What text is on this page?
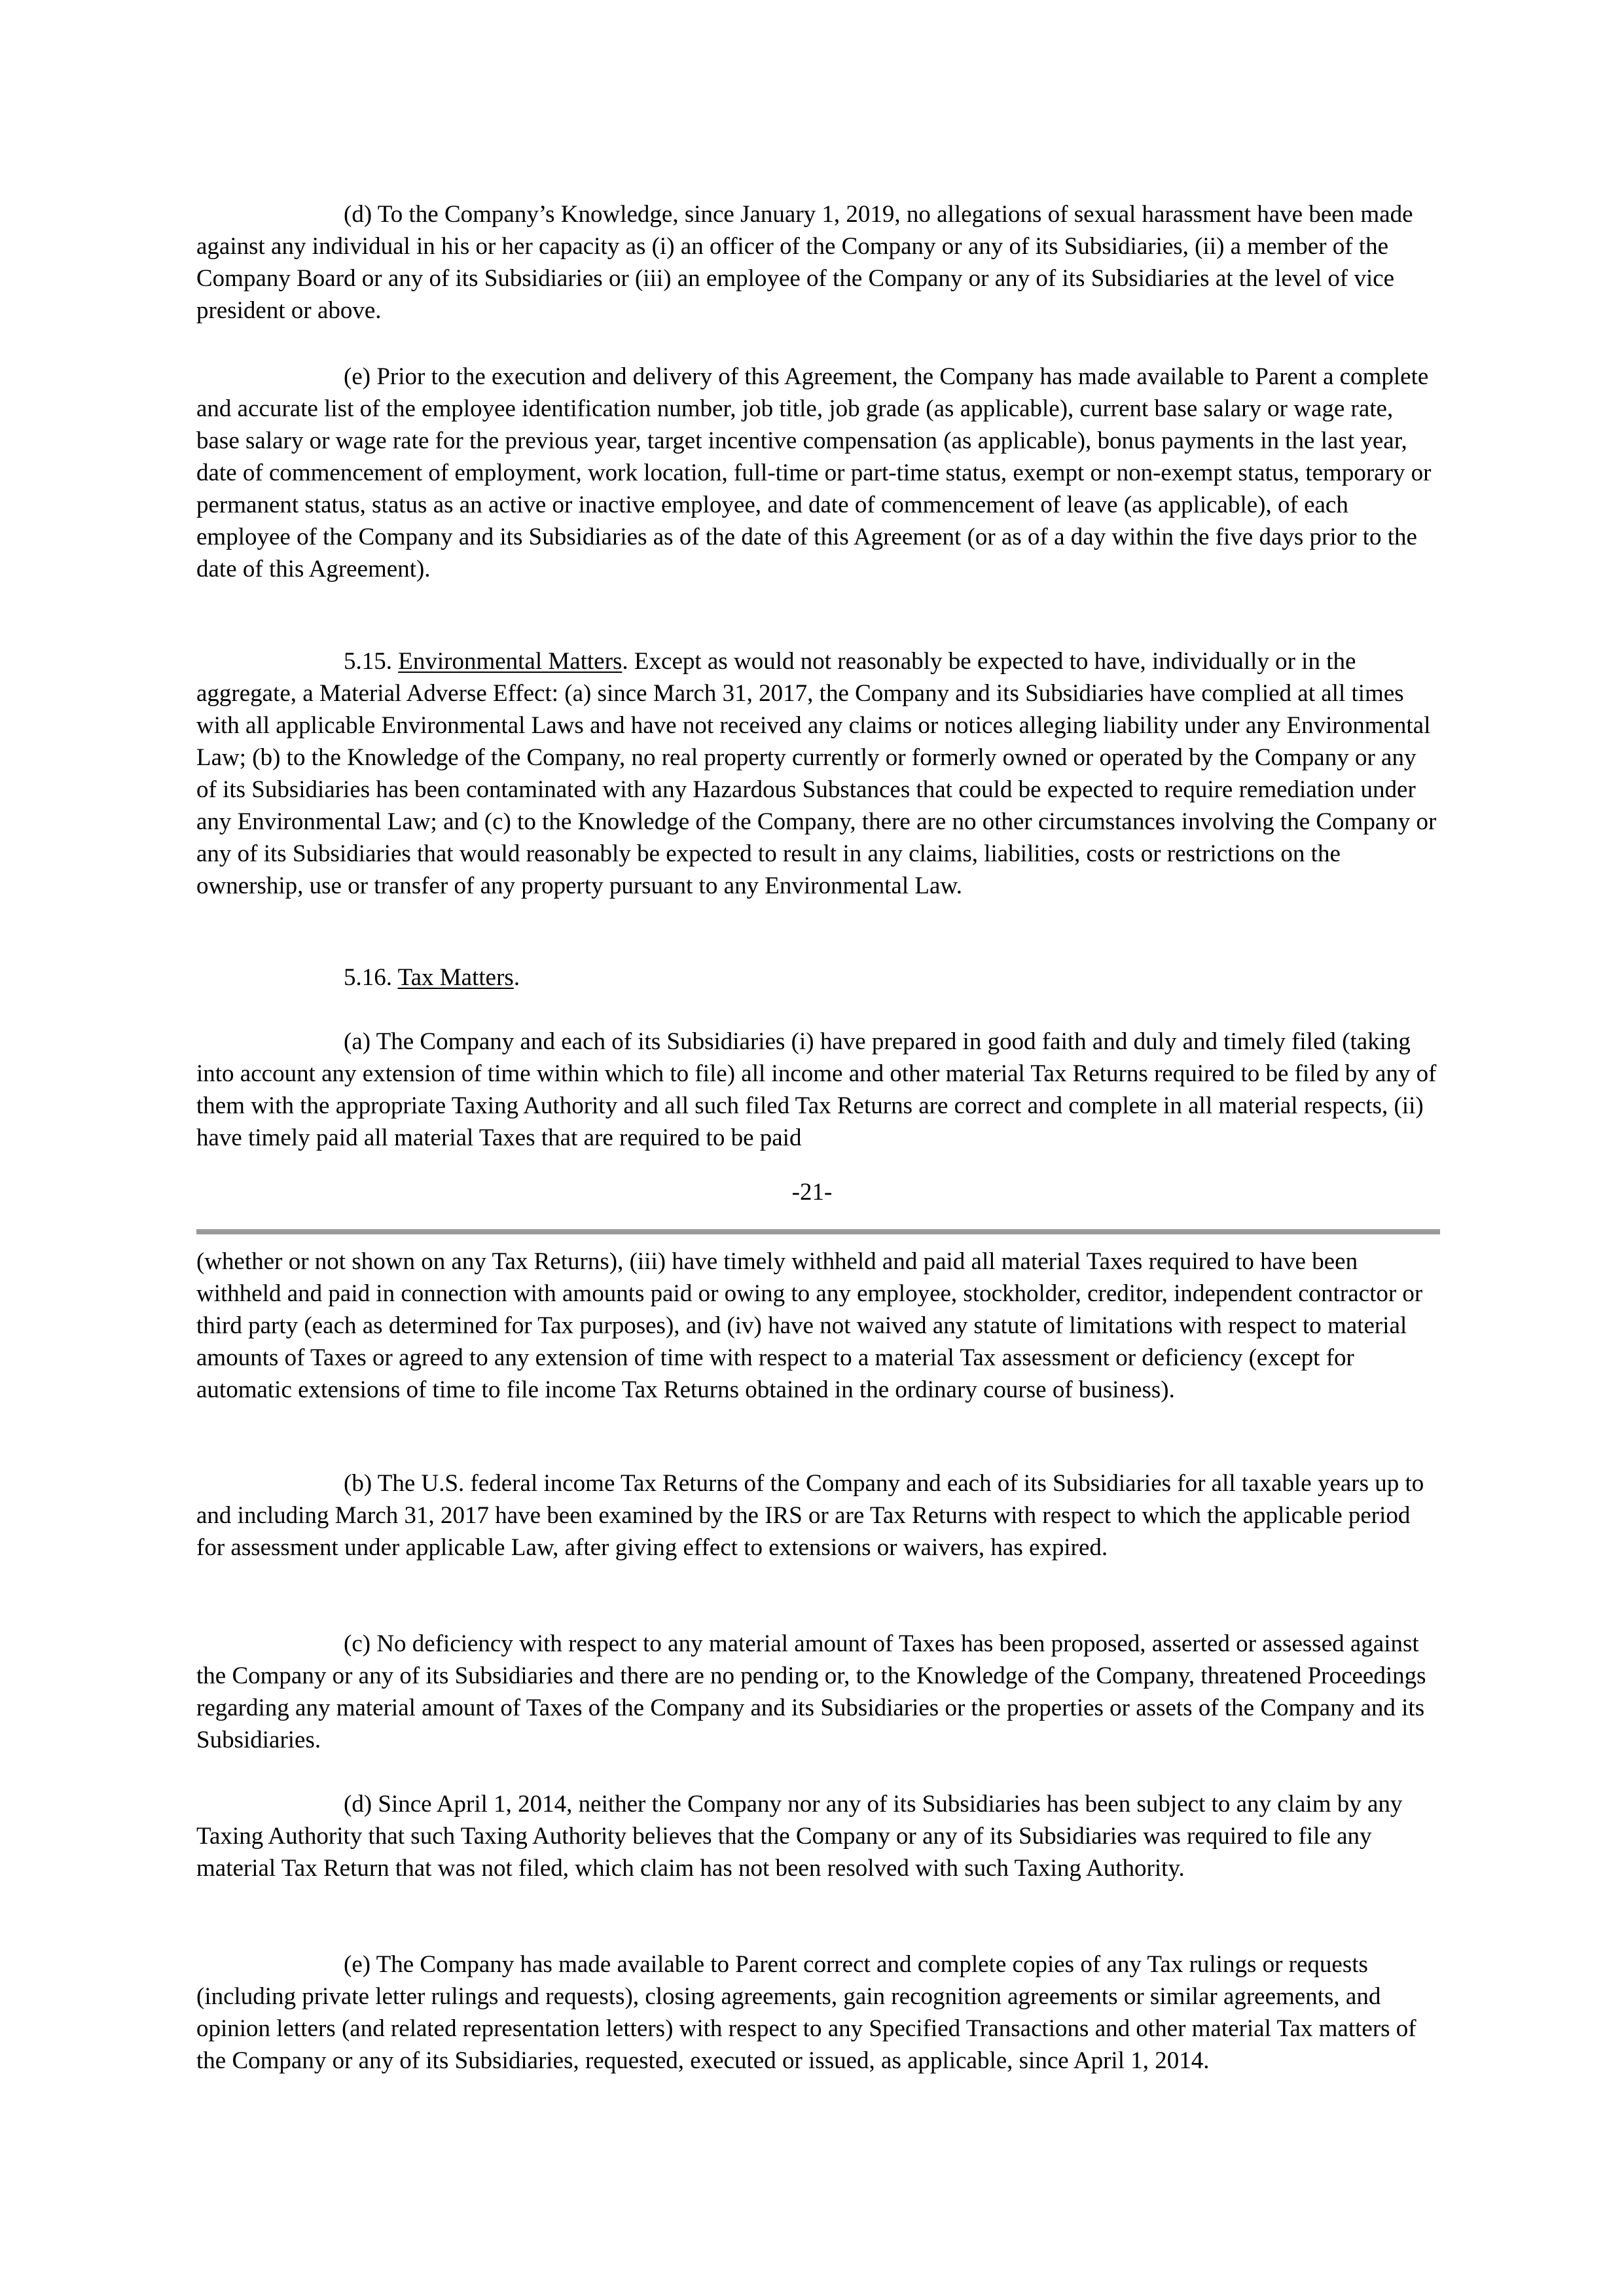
(d) To the Company’s Knowledge, since January 1, 2019, no allegations of sexual harassment have been made against any individual in his or her capacity as (i) an officer of the Company or any of its Subsidiaries, (ii) a member of the Company Board or any of its Subsidiaries or (iii) an employee of the Company or any of its Subsidiaries at the level of vice president or above.

(e) Prior to the execution and delivery of this Agreement, the Company has made available to Parent a complete and accurate list of the employee identification number, job title, job grade (as applicable), current base salary or wage rate, base salary or wage rate for the previous year, target incentive compensation (as applicable), bonus payments in the last year, date of commencement of employment, work location, full-time or part-time status, exempt or non-exempt status, temporary or permanent status, status as an active or inactive employee, and date of commencement of leave (as applicable), of each employee of the Company and its Subsidiaries as of the date of this Agreement (or as of a day within the five days prior to the date of this Agreement).

5.15. Environmental Matters. Except as would not reasonably be expected to have, individually or in the aggregate, a Material Adverse Effect: (a) since March 31, 2017, the Company and its Subsidiaries have complied at all times with all applicable Environmental Laws and have not received any claims or notices alleging liability under any Environmental Law; (b) to the Knowledge of the Company, no real property currently or formerly owned or operated by the Company or any of its Subsidiaries has been contaminated with any Hazardous Substances that could be expected to require remediation under any Environmental Law; and (c) to the Knowledge of the Company, there are no other circumstances involving the Company or any of its Subsidiaries that would reasonably be expected to result in any claims, liabilities, costs or restrictions on the ownership, use or transfer of any property pursuant to any Environmental Law.

5.16. Tax Matters.

(a) The Company and each of its Subsidiaries (i) have prepared in good faith and duly and timely filed (taking into account any extension of time within which to file) all income and other material Tax Returns required to be filed by any of them with the appropriate Taxing Authority and all such filed Tax Returns are correct and complete in all material respects, (ii) have timely paid all material Taxes that are required to be paid

-21-

(whether or not shown on any Tax Returns), (iii) have timely withheld and paid all material Taxes required to have been withheld and paid in connection with amounts paid or owing to any employee, stockholder, creditor, independent contractor or third party (each as determined for Tax purposes), and (iv) have not waived any statute of limitations with respect to material amounts of Taxes or agreed to any extension of time with respect to a material Tax assessment or deficiency (except for automatic extensions of time to file income Tax Returns obtained in the ordinary course of business).

(b) The U.S. federal income Tax Returns of the Company and each of its Subsidiaries for all taxable years up to and including March 31, 2017 have been examined by the IRS or are Tax Returns with respect to which the applicable period for assessment under applicable Law, after giving effect to extensions or waivers, has expired.

(c) No deficiency with respect to any material amount of Taxes has been proposed, asserted or assessed against the Company or any of its Subsidiaries and there are no pending or, to the Knowledge of the Company, threatened Proceedings regarding any material amount of Taxes of the Company and its Subsidiaries or the properties or assets of the Company and its Subsidiaries.

(d) Since April 1, 2014, neither the Company nor any of its Subsidiaries has been subject to any claim by any Taxing Authority that such Taxing Authority believes that the Company or any of its Subsidiaries was required to file any material Tax Return that was not filed, which claim has not been resolved with such Taxing Authority.

(e) The Company has made available to Parent correct and complete copies of any Tax rulings or requests (including private letter rulings and requests), closing agreements, gain recognition agreements or similar agreements, and opinion letters (and related representation letters) with respect to any Specified Transactions and other material Tax matters of the Company or any of its Subsidiaries, requested, executed or issued, as applicable, since April 1, 2014.
